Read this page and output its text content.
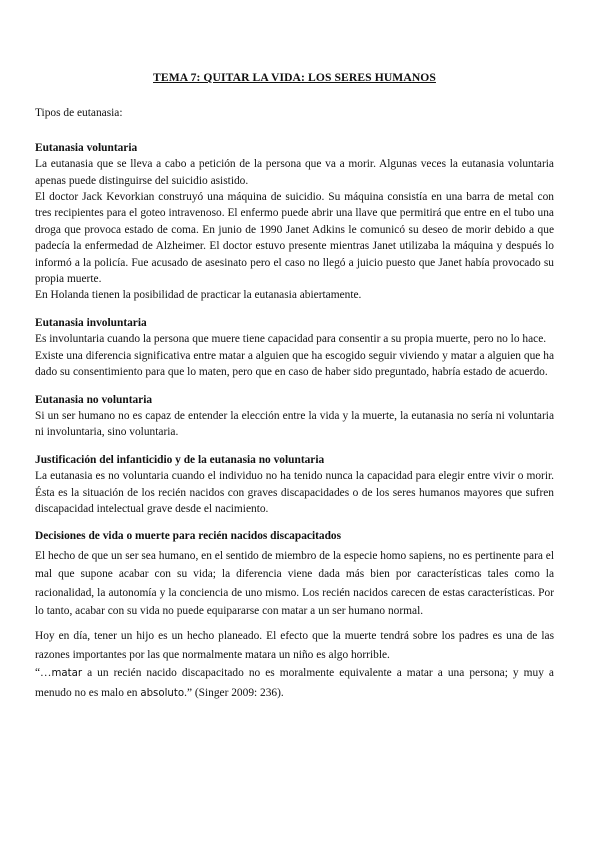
TEMA 7: QUITAR LA VIDA: LOS SERES HUMANOS
Tipos de eutanasia:
Eutanasia voluntaria

La eutanasia que se lleva a cabo a petición de la persona que va a morir. Algunas veces la eutanasia voluntaria apenas puede distinguirse del suicidio asistido.

El doctor Jack Kevorkian construyó una máquina de suicidio. Su máquina consistía en una barra de metal con tres recipientes para el goteo intravenoso. El enfermo puede abrir una llave que permitirá que entre en el tubo una droga que provoca estado de coma. En junio de 1990 Janet Adkins le comunicó su deseo de morir debido a que padecía la enfermedad de Alzheimer. El doctor estuvo presente mientras Janet utilizaba la máquina y después lo informó a la policía. Fue acusado de asesinato pero el caso no llegó a juicio puesto que Janet había provocado su propia muerte.

En Holanda tienen la posibilidad de practicar la eutanasia abiertamente.

Eutanasia involuntaria

Es involuntaria cuando la persona que muere tiene capacidad para consentir a su propia muerte, pero no lo hace.

Existe una diferencia significativa entre matar a alguien que ha escogido seguir viviendo y matar a alguien que ha dado su consentimiento para que lo maten, pero que en caso de haber sido preguntado, habría estado de acuerdo.

Eutanasia no voluntaria

Si un ser humano no es capaz de entender la elección entre la vida y la muerte, la eutanasia no sería ni voluntaria ni involuntaria, sino voluntaria.

Justificación del infanticidio y de la eutanasia no voluntaria

La eutanasia es no voluntaria cuando el individuo no ha tenido nunca la capacidad para elegir entre vivir o morir. Ésta es la situación de los recién nacidos con graves discapacidades o de los seres humanos mayores que sufren discapacidad intelectual grave desde el nacimiento.

Decisiones de vida o muerte para recién nacidos discapacitados

El hecho de que un ser sea humano, en el sentido de miembro de la especie homo sapiens, no es pertinente para el mal que supone acabar con su vida; la diferencia viene dada más bien por características tales como la racionalidad, la autonomía y la conciencia de uno mismo. Los recién nacidos carecen de estas características. Por lo tanto, acabar con su vida no puede equipararse con matar a un ser humano normal.

Hoy en día, tener un hijo es un hecho planeado. El efecto que la muerte tendrá sobre los padres es una de las razones importantes por las que normalmente matara un niño es algo horrible.

“…matar a un recién nacido discapacitado no es moralmente equivalente a matar a una persona; y muy a menudo no es malo en absoluto.” (Singer 2009: 236).
